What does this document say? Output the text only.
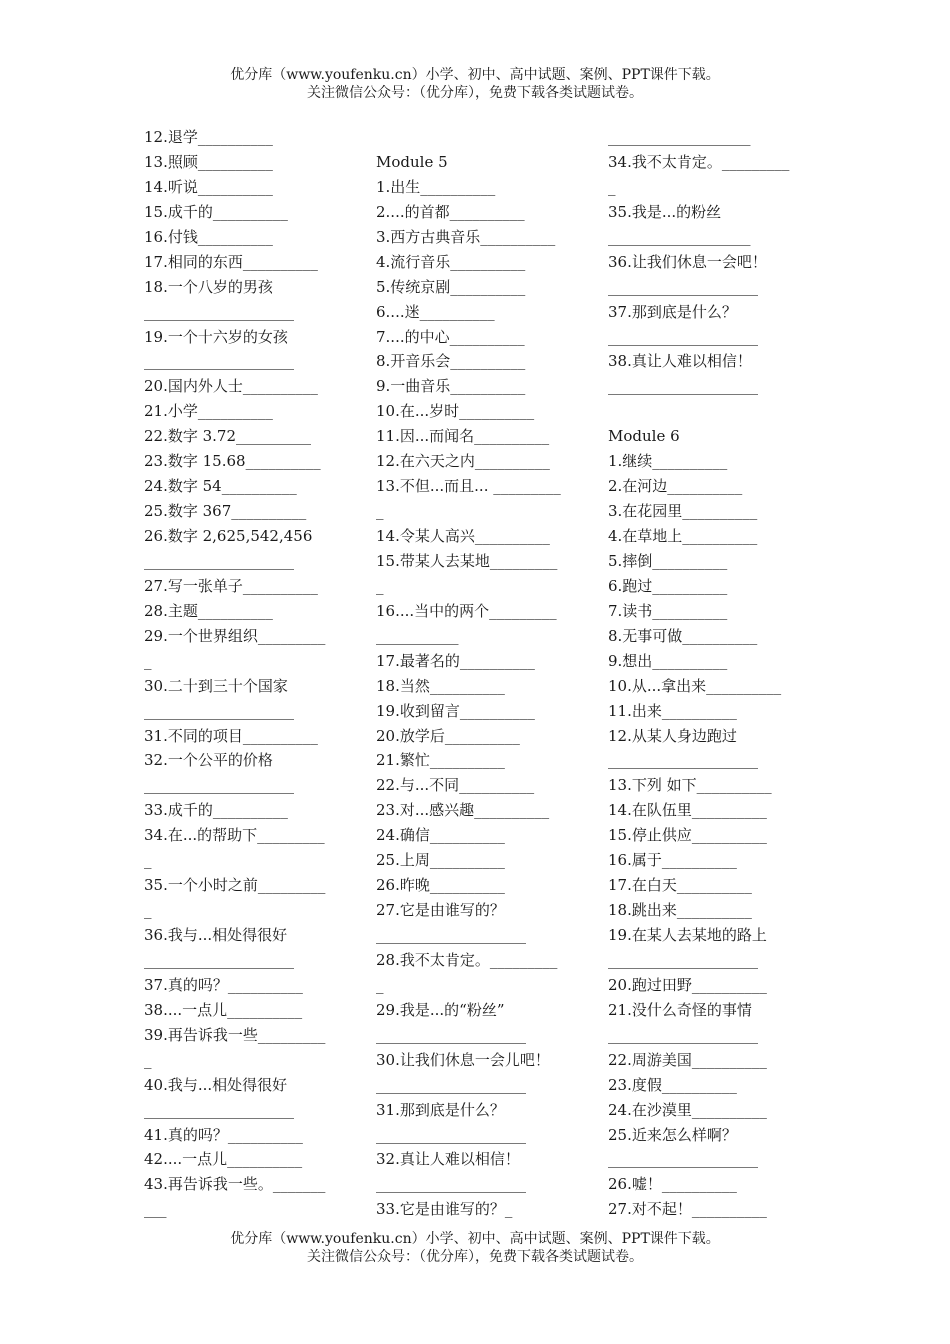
优分库（www.youfenku.cn）小学、初中、高中试题、案例、PPT课件下载。
关注微信公众号：（优分库），免费下载各类试题试卷。
12.退学__________
13.照顾__________
14.听说__________
15.成千的__________
16.付钱__________
17.相同的东西__________
18.一个八岁的男孩
____________________
19.一个十六岁的女孩
____________________
20.国内外人士__________
21.小学__________
22.数字 3.72__________
23.数字 15.68__________
24.数字 54__________
25.数字 367__________
26.数字 2,625,542,456
____________________
27.写一张单子__________
28.主题__________
29.一个世界组织_________
_
30.二十到三十个国家
____________________
31.不同的项目__________
32.一个公平的价格
____________________
33.成千的__________
34.在...的帮助下_________
_
35.一个小时之前_________
_
36.我与...相处得很好
____________________
37.真的吗？__________
38....一点儿__________
39.再告诉我一些_________
_
40.我与...相处得很好
____________________
41.真的吗？__________
42....一点儿__________
43.再告诉我一些。_______
___
Module 5
1.出生__________
2....的首都__________
3.西方古典音乐__________
4.流行音乐__________
5.传统京剧__________
6....迷__________
7....的中心__________
8.开音乐会__________
9.一曲音乐__________
10.在...岁时__________
11.因...而闻名__________
12.在六天之内__________
13.不但...而且... _________
_
14.令某人高兴__________
15.带某人去某地_________
_
16....当中的两个_________
___________
17.最著名的__________
18.当然__________
19.收到留言__________
20.放学后__________
21.繁忙__________
22.与...不同__________
23.对...感兴趣__________
24.确信__________
25.上周__________
26.昨晚__________
27.它是由谁写的？
____________________
28.我不太肯定。_________
_
29.我是...的“粉丝”
____________________
30.让我们休息一会儿吧！
____________________
31.那到底是什么？
____________________
32.真让人难以相信！
____________________
33.它是由谁写的？_
___________________
34.我不太肯定。_________
_
35.我是...的粉丝
___________________
36.让我们休息一会吧！
____________________
37.那到底是什么？
____________________
38.真让人难以相信！
____________________
Module 6
1.继续__________
2.在河边__________
3.在花园里__________
4.在草地上__________
5.摔倒__________
6.跑过__________
7.读书__________
8.无事可做__________
9.想出__________
10.从...拿出来__________
11.出来__________
12.从某人身边跑过
____________________
13.下列 如下__________
14.在队伍里__________
15.停止供应__________
16.属于__________
17.在白天__________
18.跳出来__________
19.在某人去某地的路上
____________________
20.跑过田野__________
21.没什么奇怪的事情
____________________
22.周游美国__________
23.度假__________
24.在沙漠里__________
25.近来怎么样啊？
____________________
26.嘘！__________
27.对不起！__________
优分库（www.youfenku.cn）小学、初中、高中试题、案例、PPT课件下载。
关注微信公众号：（优分库），免费下载各类试题试卷。
